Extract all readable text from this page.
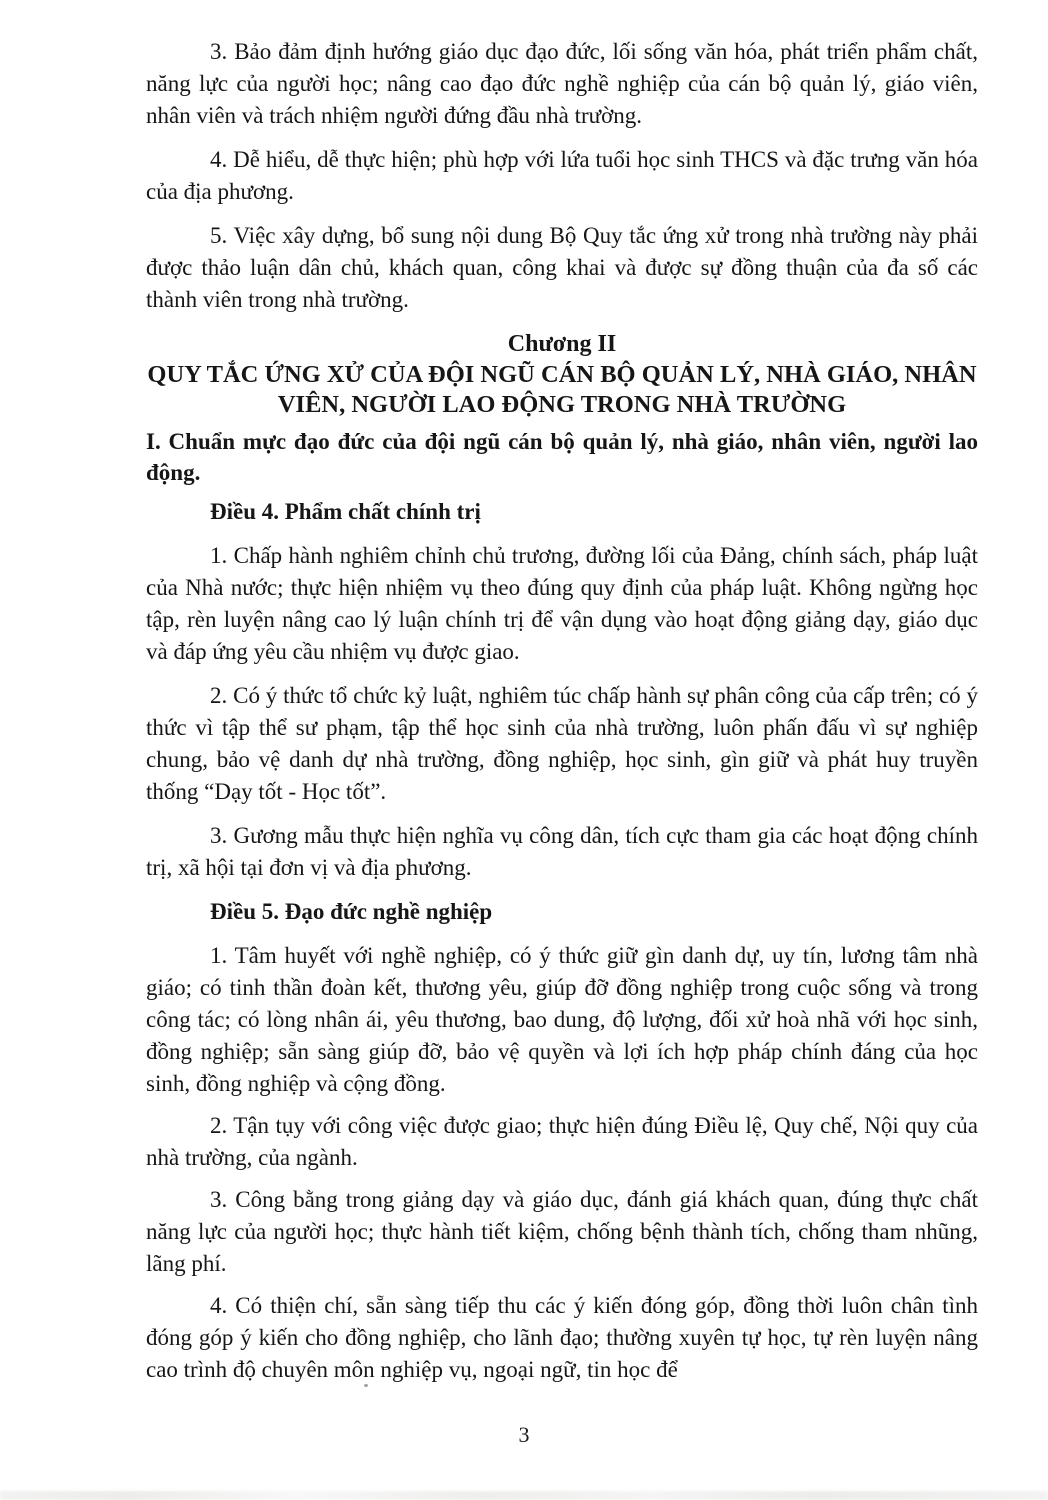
3. Bảo đảm định hướng giáo dục đạo đức, lối sống văn hóa, phát triển phẩm chất, năng lực của người học; nâng cao đạo đức nghề nghiệp của cán bộ quản lý, giáo viên, nhân viên và trách nhiệm người đứng đầu nhà trường.

4. Dễ hiểu, dễ thực hiện; phù hợp với lứa tuổi học sinh THCS và đặc trưng văn hóa của địa phương.

5. Việc xây dựng, bổ sung nội dung Bộ Quy tắc ứng xử trong nhà trường này phải được thảo luận dân chủ, khách quan, công khai và được sự đồng thuận của đa số các thành viên trong nhà trường.

Chương II
QUY TẮC ỨNG XỬ CỦA ĐỘI NGŨ CÁN BỘ QUẢN LÝ, NHÀ GIÁO, NHÂN VIÊN, NGƯỜI LAO ĐỘNG TRONG NHÀ TRƯỜNG
I. Chuẩn mực đạo đức của đội ngũ cán bộ quản lý, nhà giáo, nhân viên, người lao động.
Điều 4. Phẩm chất chính trị

1. Chấp hành nghiêm chỉnh chủ trương, đường lối của Đảng, chính sách, pháp luật của Nhà nước; thực hiện nhiệm vụ theo đúng quy định của pháp luật. Không ngừng học tập, rèn luyện nâng cao lý luận chính trị để vận dụng vào hoạt động giảng dạy, giáo dục và đáp ứng yêu cầu nhiệm vụ được giao.

2. Có ý thức tổ chức kỷ luật, nghiêm túc chấp hành sự phân công của cấp trên; có ý thức vì tập thể sư phạm, tập thể học sinh của nhà trường, luôn phấn đấu vì sự nghiệp chung, bảo vệ danh dự nhà trường, đồng nghiệp, học sinh, gìn giữ và phát huy truyền thống “Dạy tốt - Học tốt”.

3. Gương mẫu thực hiện nghĩa vụ công dân, tích cực tham gia các hoạt động chính trị, xã hội tại đơn vị và địa phương.

Điều 5. Đạo đức nghề nghiệp

1. Tâm huyết với nghề nghiệp, có ý thức giữ gìn danh dự, uy tín, lương tâm nhà giáo; có tinh thần đoàn kết, thương yêu, giúp đỡ đồng nghiệp trong cuộc sống và trong công tác; có lòng nhân ái, yêu thương, bao dung, độ lượng, đối xử hoà nhã với học sinh, đồng nghiệp; sẵn sàng giúp đỡ, bảo vệ quyền và lợi ích hợp pháp chính đáng của học sinh, đồng nghiệp và cộng đồng.

2. Tận tụy với công việc được giao; thực hiện đúng Điều lệ, Quy chế, Nội quy của nhà trường, của ngành.

3. Công bằng trong giảng dạy và giáo dục, đánh giá khách quan, đúng thực chất năng lực của người học; thực hành tiết kiệm, chống bệnh thành tích, chống tham nhũng, lãng phí.

4. Có thiện chí, sẵn sàng tiếp thu các ý kiến đóng góp, đồng thời luôn chân tình đóng góp ý kiến cho đồng nghiệp, cho lãnh đạo; thường xuyên tự học, tự rèn luyện nâng cao trình độ chuyên môn nghiệp vụ, ngoại ngữ, tin học để

3
